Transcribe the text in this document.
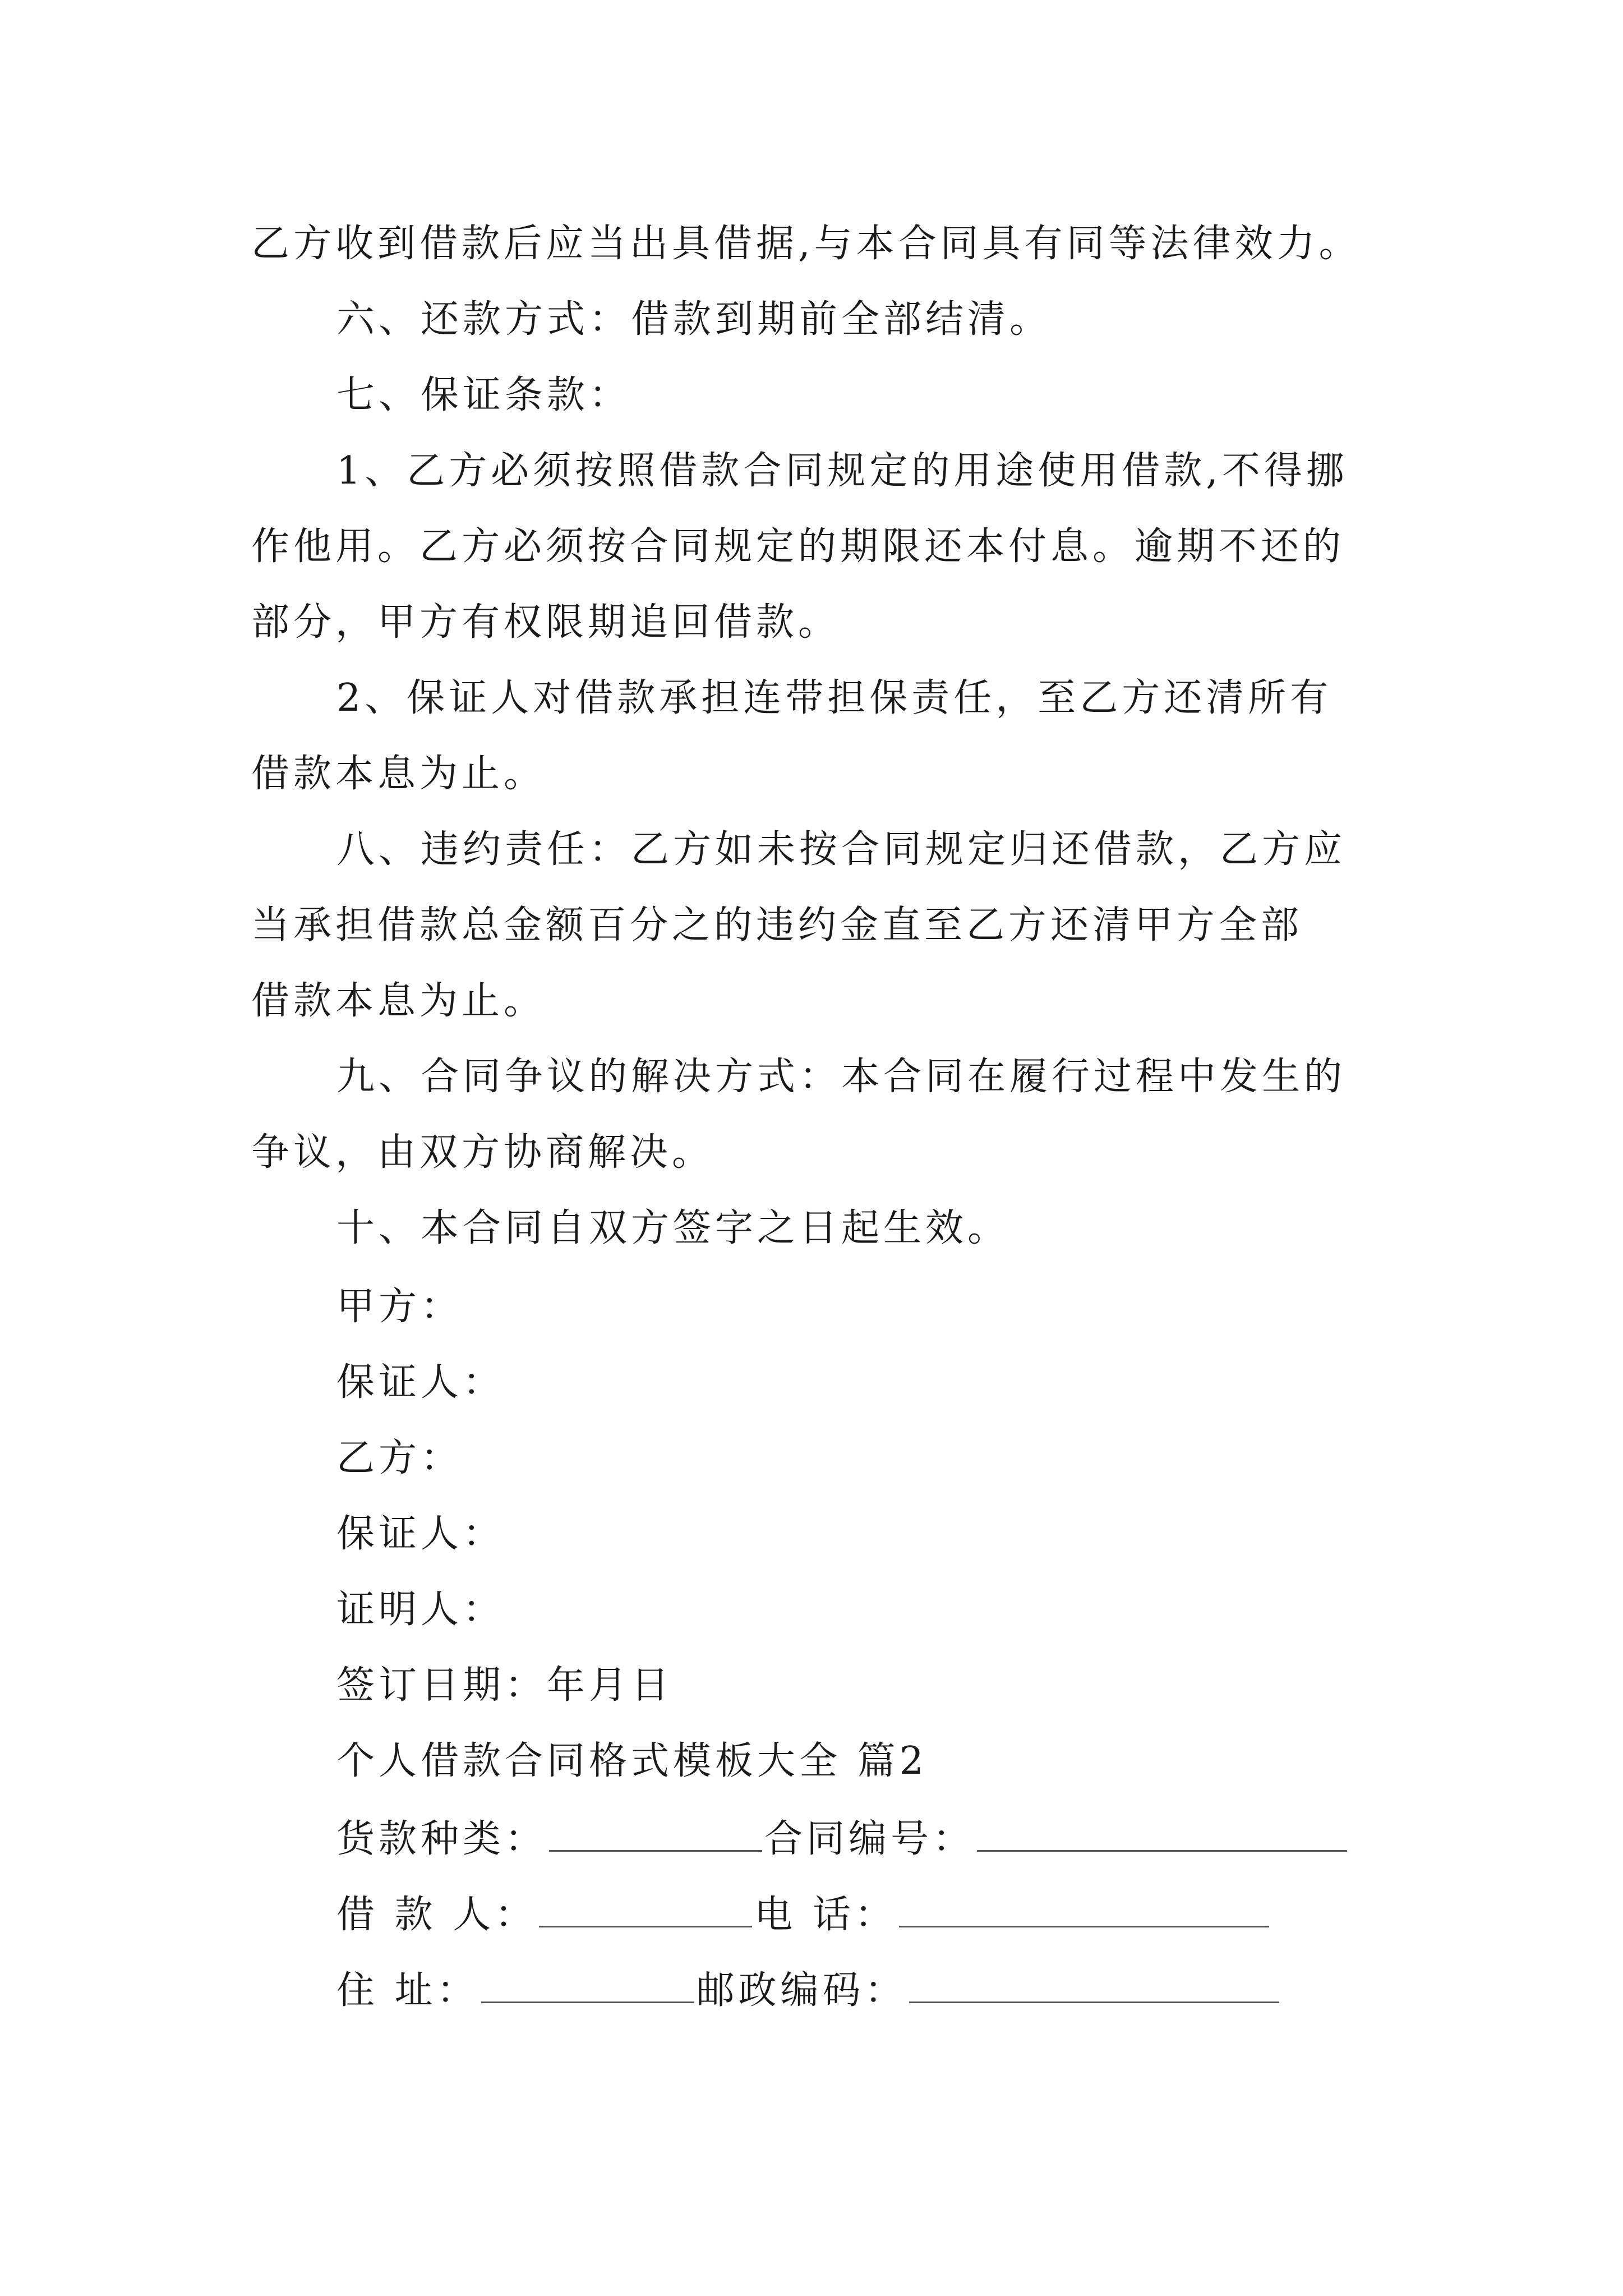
乙方收到借款后应当出具借据,与本合同具有同等法律效力。
六、还款方式：借款到期前全部结清。
七、保证条款：
1、乙方必须按照借款合同规定的用途使用借款,不得挪
作他用。乙方必须按合同规定的期限还本付息。逾期不还的
部分，甲方有权限期追回借款。
2、保证人对借款承担连带担保责任，至乙方还清所有
借款本息为止。
八、违约责任：乙方如未按合同规定归还借款，乙方应
当承担借款总金额百分之的违约金直至乙方还清甲方全部
借款本息为止。
九、合同争议的解决方式：本合同在履行过程中发生的
争议，由双方协商解决。
十、本合同自双方签字之日起生效。
甲方：
保证人：
乙方：
保证人：
证明人：
签订日期：年月日
个人借款合同格式模板大全 篇2
货款种类：	合同编号：
借 款 人：	电 话：
住 址：	邮政编码：
